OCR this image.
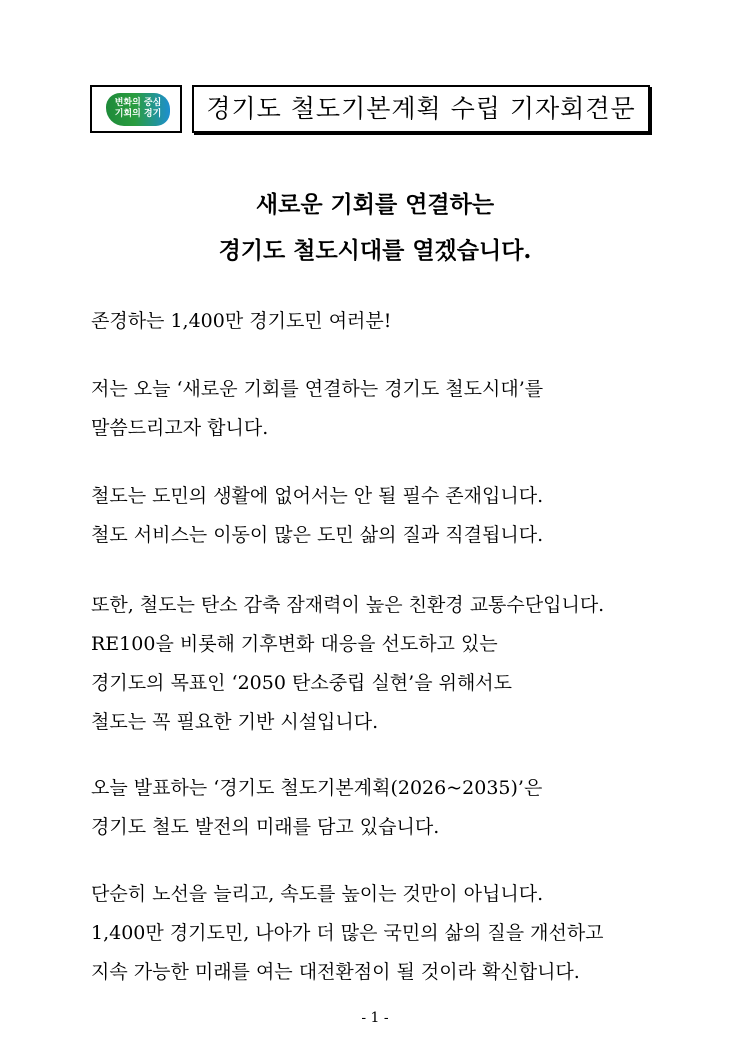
변화의 중심
기회의 경기	경기도 철도기본계획 수립 기자회견문
새로운 기회를 연결하는
경기도 철도시대를 열겠습니다.
존경하는 1,400만 경기도민 여러분!
저는 오늘 ‘새로운 기회를 연결하는 경기도 철도시대’를
말씀드리고자 합니다.
철도는 도민의 생활에 없어서는 안 될 필수 존재입니다.
철도 서비스는 이동이 많은 도민 삶의 질과 직결됩니다.
또한, 철도는 탄소 감축 잠재력이 높은 친환경 교통수단입니다.
RE100을 비롯해 기후변화 대응을 선도하고 있는
경기도의 목표인 ‘2050 탄소중립 실현’을 위해서도
철도는 꼭 필요한 기반 시설입니다.
오늘 발표하는 ‘경기도 철도기본계획(2026~2035)’은
경기도 철도 발전의 미래를 담고 있습니다.
단순히 노선을 늘리고, 속도를 높이는 것만이 아닙니다.
1,400만 경기도민, 나아가 더 많은 국민의 삶의 질을 개선하고
지속 가능한 미래를 여는 대전환점이 될 것이라 확신합니다.
- 1 -
